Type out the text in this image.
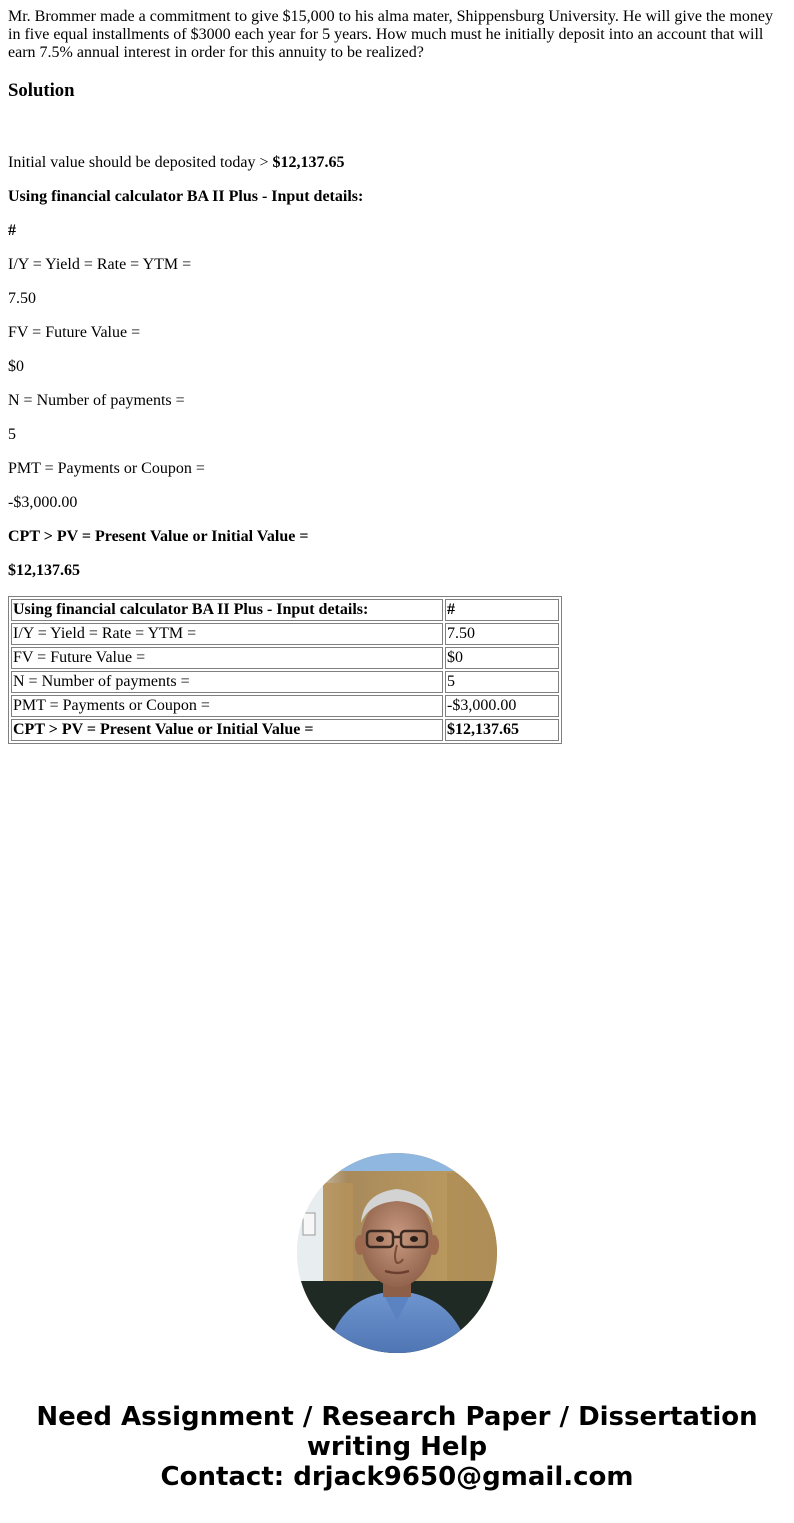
Mr. Brommer made a commitment to give $15,000 to his alma mater, Shippensburg University. He will give the money in five equal installments of $3000 each year for 5 years. How much must he initially deposit into an account that will earn 7.5% annual interest in order for this annuity to be realized?

Solution

Initial value should be deposited today > $12,137.65

Using financial calculator BA II Plus - Input details:

#

I/Y = Yield = Rate = YTM =

7.50

FV = Future Value =

$0

N = Number of payments =

5

PMT = Payments or Coupon =

-$3,000.00

CPT > PV = Present Value or Initial Value =

$12,137.65

Using financial calculator BA II Plus - Input details:	#
I/Y = Yield = Rate = YTM =	7.50
FV = Future Value =	$0
N = Number of payments =	5
PMT = Payments or Coupon =	-$3,000.00
CPT > PV = Present Value or Initial Value =	$12,137.65
Need Assignment / Research Paper / Dissertation
writing Help
Contact: drjack9650@gmail.com
